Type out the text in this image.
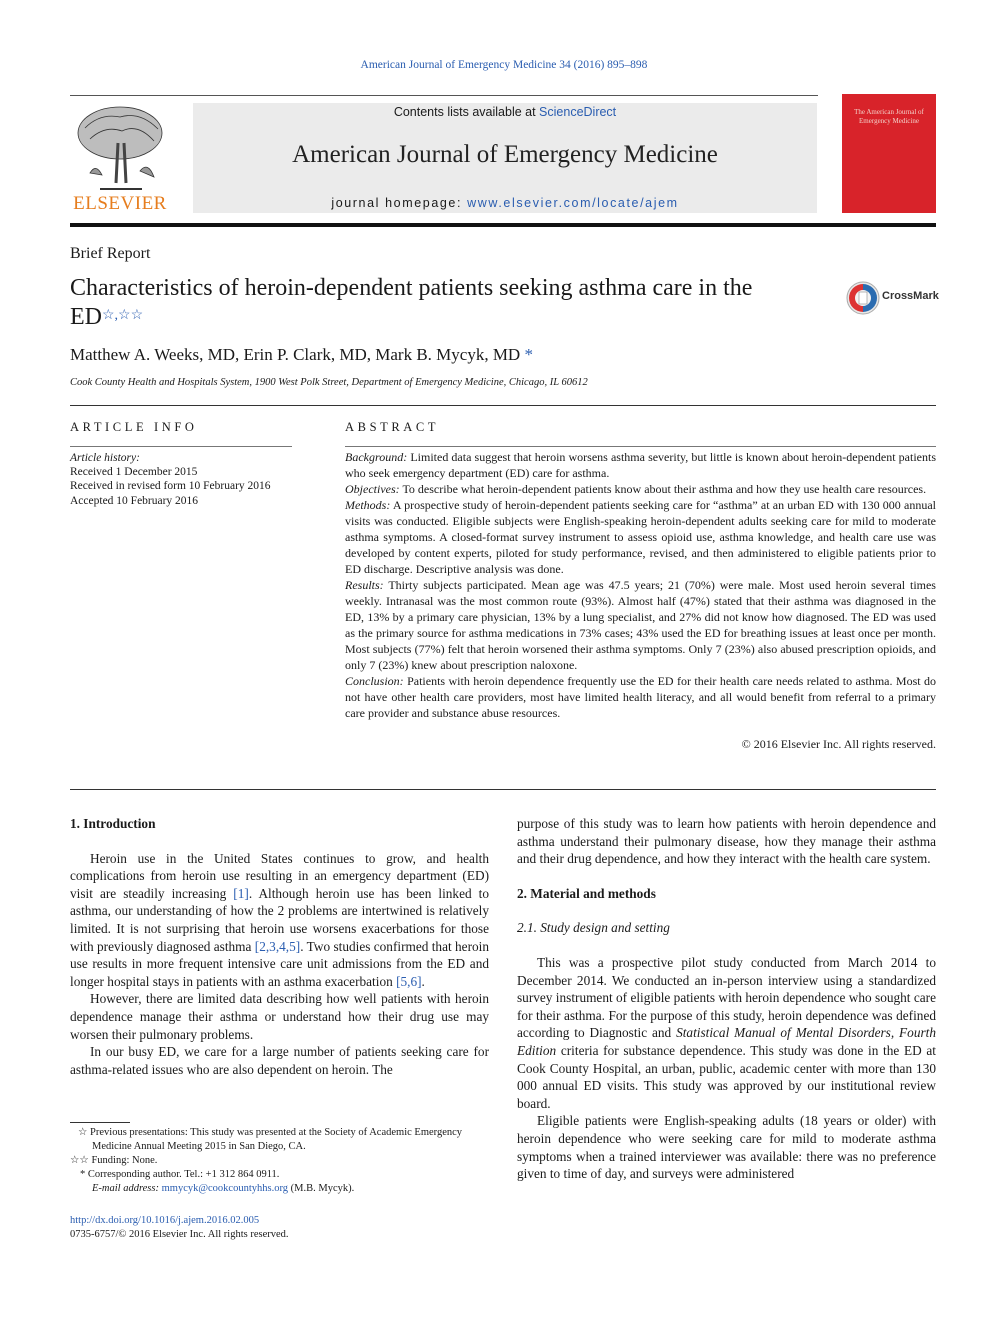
American Journal of Emergency Medicine 34 (2016) 895–898
ELSEVIER
Contents lists available at ScienceDirect
American Journal of Emergency Medicine
journal homepage: www.elsevier.com/locate/ajem
The American Journal of Emergency Medicine
Brief Report
Characteristics of heroin-dependent patients seeking asthma care in the ED☆,☆☆
CrossMark
Matthew A. Weeks, MD, Erin P. Clark, MD, Mark B. Mycyk, MD *
Cook County Health and Hospitals System, 1900 West Polk Street, Department of Emergency Medicine, Chicago, IL 60612
ARTICLE INFO
Article history:
Received 1 December 2015
Received in revised form 10 February 2016
Accepted 10 February 2016
ABSTRACT

Background: Limited data suggest that heroin worsens asthma severity, but little is known about heroin-dependent patients who seek emergency department (ED) care for asthma.

Objectives: To describe what heroin-dependent patients know about their asthma and how they use health care resources.

Methods: A prospective study of heroin-dependent patients seeking care for “asthma” at an urban ED with 130 000 annual visits was conducted. Eligible subjects were English-speaking heroin-dependent adults seeking care for mild to moderate asthma symptoms. A closed-format survey instrument to assess opioid use, asthma knowledge, and health care use was developed by content experts, piloted for study performance, revised, and then administered to eligible patients prior to ED discharge. Descriptive analysis was done.

Results: Thirty subjects participated. Mean age was 47.5 years; 21 (70%) were male. Most used heroin several times weekly. Intranasal was the most common route (93%). Almost half (47%) stated that their asthma was diagnosed in the ED, 13% by a primary care physician, 13% by a lung specialist, and 27% did not know how diagnosed. The ED was used as the primary source for asthma medications in 73% cases; 43% used the ED for breathing issues at least once per month. Most subjects (77%) felt that heroin worsened their asthma symptoms. Only 7 (23%) also abused prescription opioids, and only 7 (23%) knew about prescription naloxone.

Conclusion: Patients with heroin dependence frequently use the ED for their health care needs related to asthma. Most do not have other health care providers, most have limited health literacy, and all would benefit from referral to a primary care provider and substance abuse resources.

© 2016 Elsevier Inc. All rights reserved.
1. Introduction

Heroin use in the United States continues to grow, and health complications from heroin use resulting in an emergency department (ED) visit are steadily increasing [1]. Although heroin use has been linked to asthma, our understanding of how the 2 problems are intertwined is relatively limited. It is not surprising that heroin use worsens exacerbations for those with previously diagnosed asthma [2,3,4,5]. Two studies confirmed that heroin use results in more frequent intensive care unit admissions from the ED and longer hospital stays in patients with an asthma exacerbation [5,6].

However, there are limited data describing how well patients with heroin dependence manage their asthma or understand how their drug use may worsen their pulmonary problems.

In our busy ED, we care for a large number of patients seeking care for asthma-related issues who are also dependent on heroin. The

☆ Previous presentations: This study was presented at the Society of Academic Emergency Medicine Annual Meeting 2015 in San Diego, CA.
☆☆ Funding: None.
* Corresponding author. Tel.: +1 312 864 0911.
E-mail address: mmycyk@cookcountyhhs.org (M.B. Mycyk).
http://dx.doi.org/10.1016/j.ajem.2016.02.005
0735-6757/© 2016 Elsevier Inc. All rights reserved.

purpose of this study was to learn how patients with heroin dependence and asthma understand their pulmonary disease, how they manage their asthma and their drug dependence, and how they interact with the health care system.

2. Material and methods
2.1. Study design and setting

This was a prospective pilot study conducted from March 2014 to December 2014. We conducted an in-person interview using a standardized survey instrument of eligible patients with heroin dependence who sought care for their asthma. For the purpose of this study, heroin dependence was defined according to Diagnostic and Statistical Manual of Mental Disorders, Fourth Edition criteria for substance dependence. This study was done in the ED at Cook County Hospital, an urban, public, academic center with more than 130 000 annual ED visits. This study was approved by our institutional review board.

Eligible patients were English-speaking adults (18 years or older) with heroin dependence who were seeking care for mild to moderate asthma symptoms when a trained interviewer was available: there was no preference given to time of day, and surveys were administered
